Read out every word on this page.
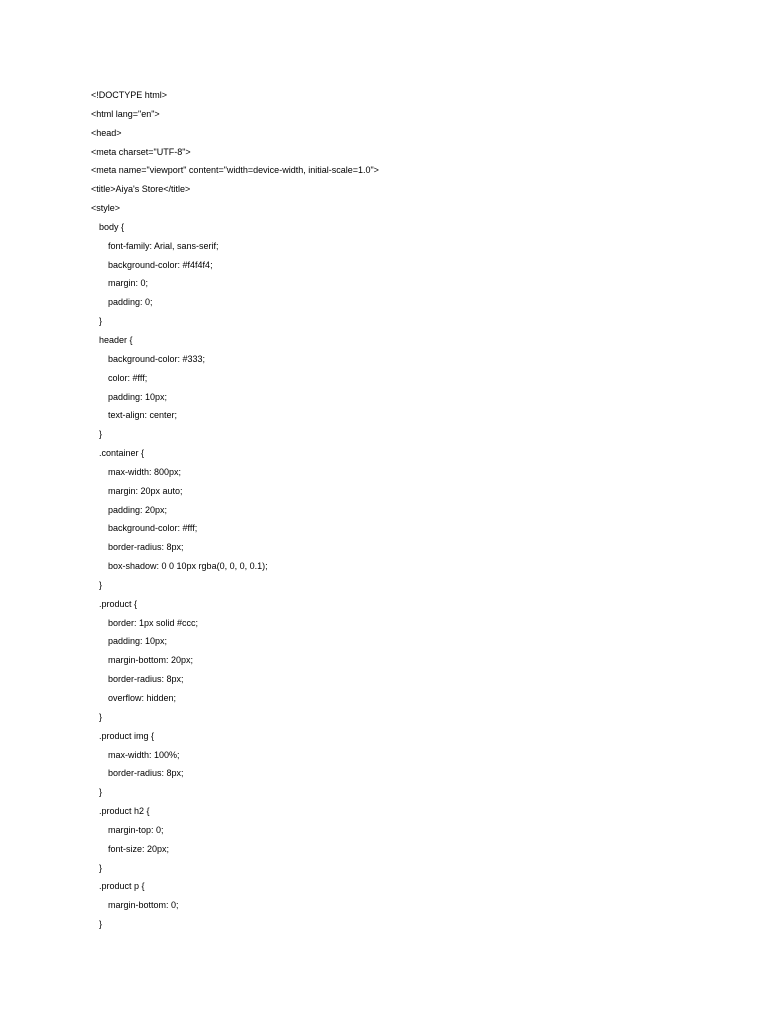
<!DOCTYPE html>
<html lang="en">
<head>
<meta charset="UTF-8">
<meta name="viewport" content="width=device-width, initial-scale=1.0">
<title>Aiya's Store</title>
<style>
body {
font-family: Arial, sans-serif;
background-color: #f4f4f4;
margin: 0;
padding: 0;
}
header {
background-color: #333;
color: #fff;
padding: 10px;
text-align: center;
}
.container {
max-width: 800px;
margin: 20px auto;
padding: 20px;
background-color: #fff;
border-radius: 8px;
box-shadow: 0 0 10px rgba(0, 0, 0, 0.1);
}
.product {
border: 1px solid #ccc;
padding: 10px;
margin-bottom: 20px;
border-radius: 8px;
overflow: hidden;
}
.product img {
max-width: 100%;
border-radius: 8px;
}
.product h2 {
margin-top: 0;
font-size: 20px;
}
.product p {
margin-bottom: 0;
}
